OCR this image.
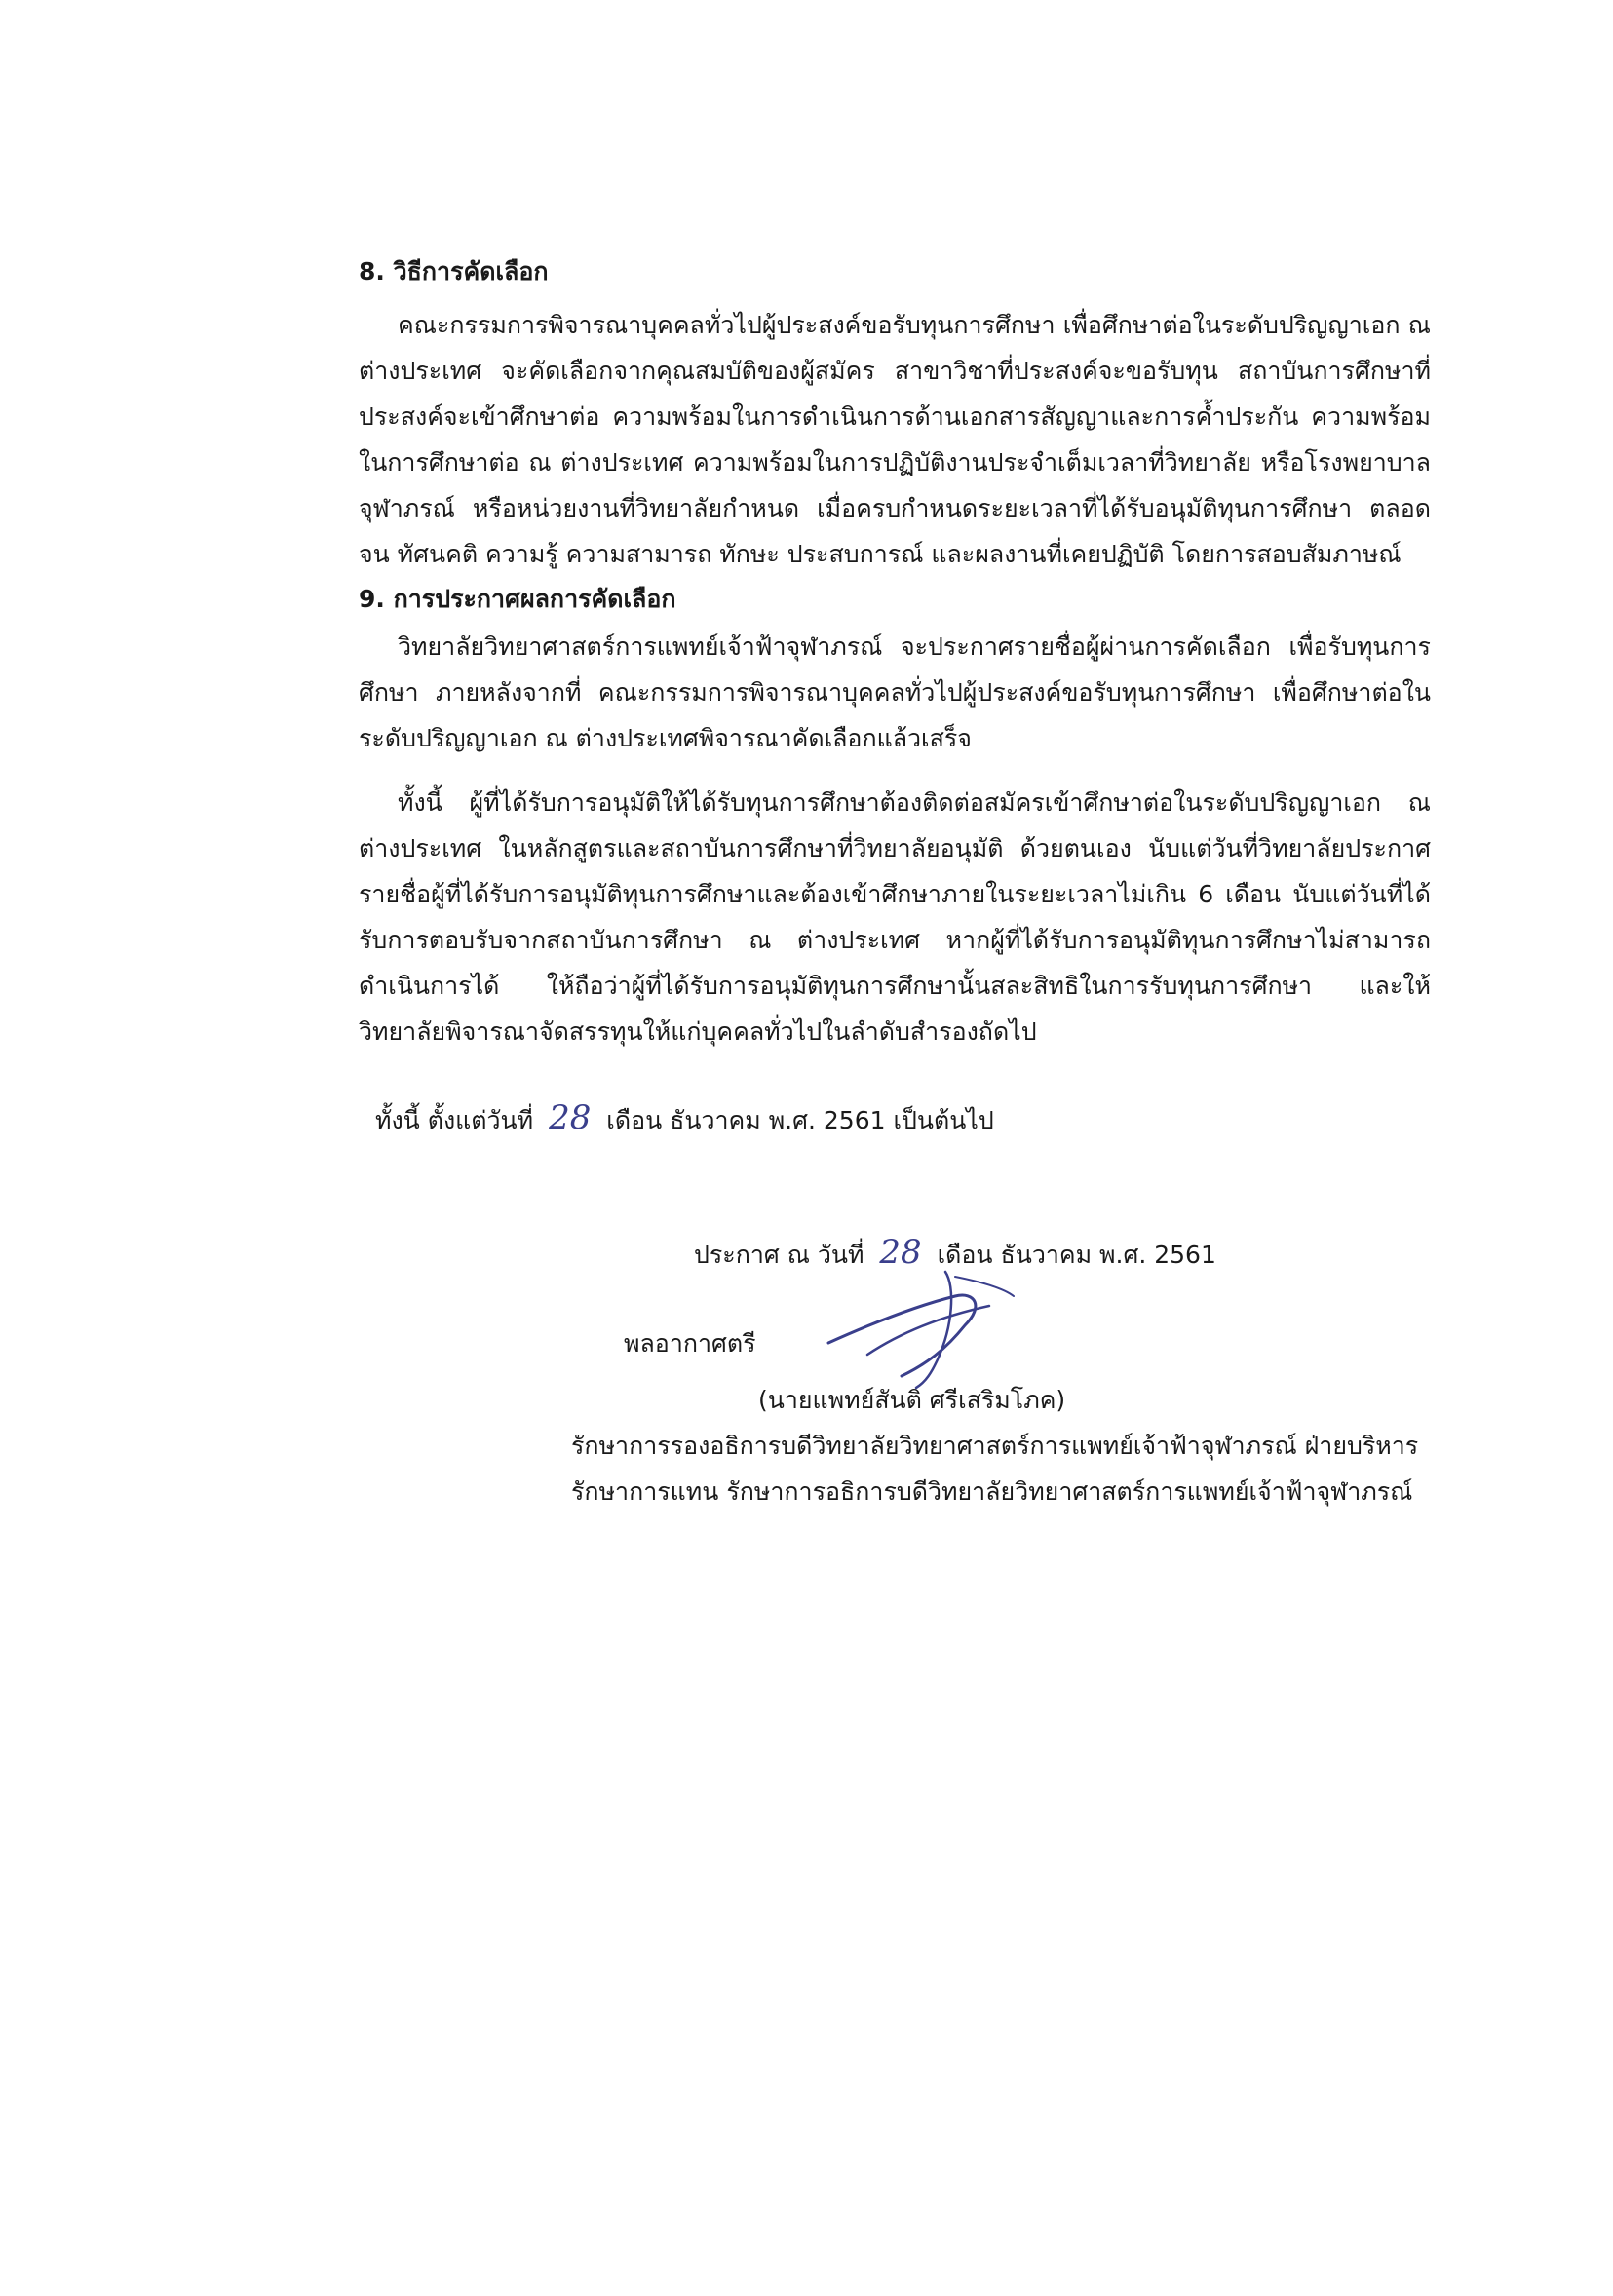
8. วิธีการคัดเลือก
คณะกรรมการพิจารณาบุคคลทั่วไปผู้ประสงค์ขอรับทุนการศึกษา เพื่อศึกษาต่อในระดับปริญญาเอก ณ ต่างประเทศ จะคัดเลือกจากคุณสมบัติของผู้สมัคร สาขาวิชาที่ประสงค์จะขอรับทุน สถาบันการศึกษาที่ประสงค์จะเข้าศึกษาต่อ ความพร้อมในการดำเนินการด้านเอกสารสัญญาและการค้ำประกัน ความพร้อมในการศึกษาต่อ ณ ต่างประเทศ ความพร้อมในการปฏิบัติงานประจำเต็มเวลาที่วิทยาลัย หรือโรงพยาบาลจุฬาภรณ์ หรือหน่วยงานที่วิทยาลัยกำหนด เมื่อครบกำหนดระยะเวลาที่ได้รับอนุมัติทุนการศึกษา ตลอดจน ทัศนคติ ความรู้ ความสามารถ ทักษะ ประสบการณ์ และผลงานที่เคยปฏิบัติ โดยการสอบสัมภาษณ์
9. การประกาศผลการคัดเลือก
วิทยาลัยวิทยาศาสตร์การแพทย์เจ้าฟ้าจุฬาภรณ์ จะประกาศรายชื่อผู้ผ่านการคัดเลือก เพื่อรับทุนการศึกษา ภายหลังจากที่ คณะกรรมการพิจารณาบุคคลทั่วไปผู้ประสงค์ขอรับทุนการศึกษา เพื่อศึกษาต่อในระดับปริญญาเอก ณ ต่างประเทศพิจารณาคัดเลือกแล้วเสร็จ
ทั้งนี้ ผู้ที่ได้รับการอนุมัติให้ได้รับทุนการศึกษาต้องติดต่อสมัครเข้าศึกษาต่อในระดับปริญญาเอก ณ ต่างประเทศ ในหลักสูตรและสถาบันการศึกษาที่วิทยาลัยอนุมัติ ด้วยตนเอง นับแต่วันที่วิทยาลัยประกาศรายชื่อผู้ที่ได้รับการอนุมัติทุนการศึกษาและต้องเข้าศึกษาภายในระยะเวลาไม่เกิน 6 เดือน นับแต่วันที่ได้รับการตอบรับจากสถาบันการศึกษา ณ ต่างประเทศ หากผู้ที่ได้รับการอนุมัติทุนการศึกษาไม่สามารถดำเนินการได้ ให้ถือว่าผู้ที่ได้รับการอนุมัติทุนการศึกษานั้นสละสิทธิในการรับทุนการศึกษา และให้วิทยาลัยพิจารณาจัดสรรทุนให้แก่บุคคลทั่วไปในลำดับสำรองถัดไป
ทั้งนี้ ตั้งแต่วันที่ 28 เดือน ธันวาคม พ.ศ. 2561 เป็นต้นไป
ประกาศ ณ วันที่ 28 เดือน ธันวาคม พ.ศ. 2561
พลอากาศตรี
(นายแพทย์สันติ ศรีเสริมโภค)
รักษาการรองอธิการบดีวิทยาลัยวิทยาศาสตร์การแพทย์เจ้าฟ้าจุฬาภรณ์ ฝ่ายบริหาร
รักษาการแทน รักษาการอธิการบดีวิทยาลัยวิทยาศาสตร์การแพทย์เจ้าฟ้าจุฬาภรณ์
